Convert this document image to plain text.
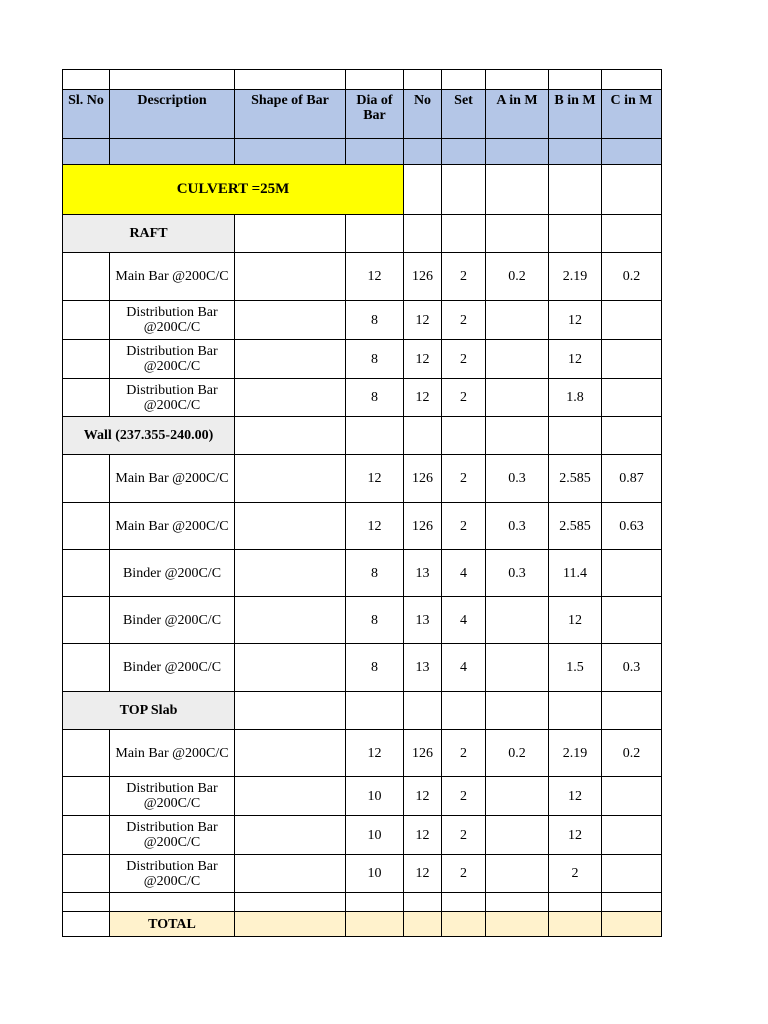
Sl. No	Description	Shape of Bar	Dia of Bar	No	Set	A in M	B in M	C in M

CULVERT =25M								
RAFT								
	Main Bar @200C/C		12	126	2	0.2	2.19	0.2
	Distribution Bar @200C/C		8	12	2		12	
	Distribution Bar @200C/C		8	12	2		12	
	Distribution Bar @200C/C		8	12	2		1.8	
Wall (237.355-240.00)								
	Main Bar @200C/C		12	126	2	0.3	2.585	0.87
	Main Bar @200C/C		12	126	2	0.3	2.585	0.63
	Binder @200C/C		8	13	4	0.3	11.4	
	Binder @200C/C		8	13	4		12	
	Binder @200C/C		8	13	4		1.5	0.3
TOP Slab								
	Main Bar @200C/C		12	126	2	0.2	2.19	0.2
	Distribution Bar @200C/C		10	12	2		12	
	Distribution Bar @200C/C		10	12	2		12	
	Distribution Bar @200C/C		10	12	2		2	

	TOTAL							
